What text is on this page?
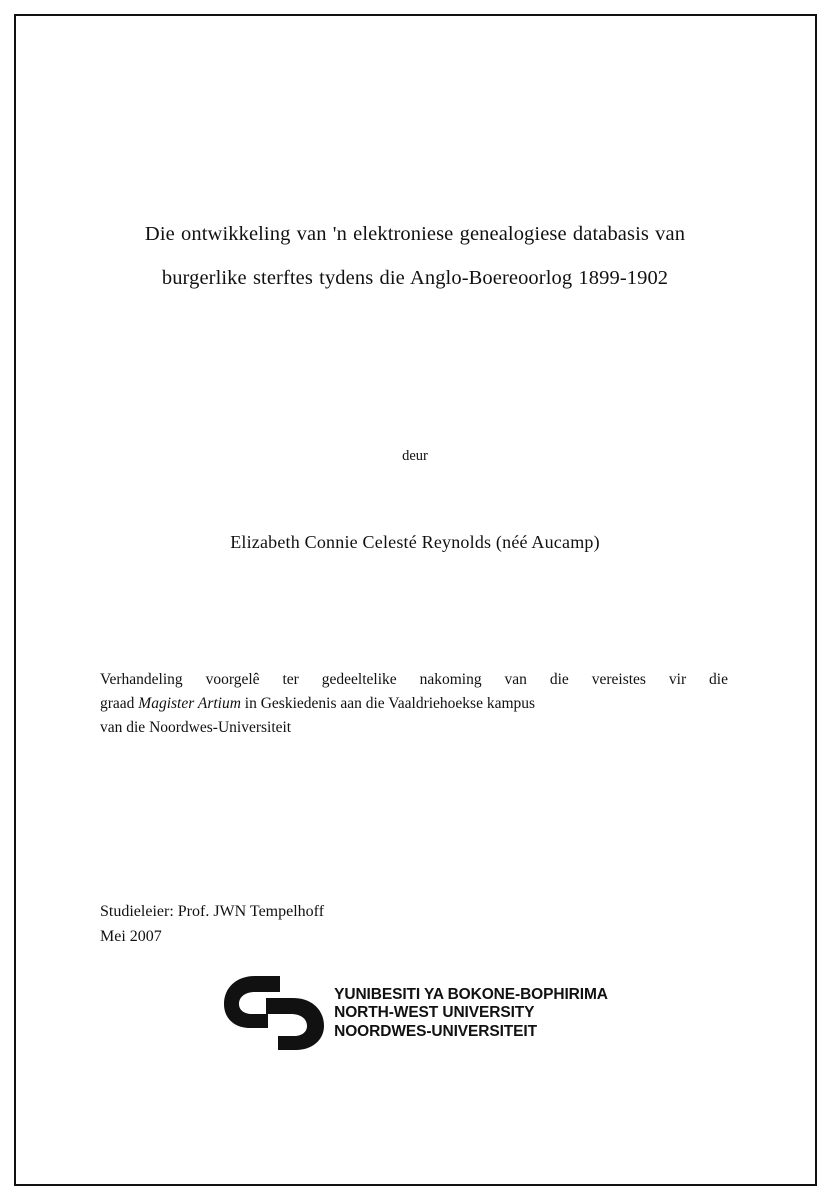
Die ontwikkeling van 'n elektroniese genealogiese databasis van
burgerlike sterftes tydens die Anglo-Boereoorlog 1899-1902
deur
Elizabeth Connie Celesté Reynolds (néé Aucamp)
Verhandeling voorgelê ter gedeeltelike nakoming van die vereistes vir die
graad Magister Artium in Geskiedenis aan die Vaaldriehoekse kampus
van die Noordwes-Universiteit
Studieleier: Prof. JWN Tempelhoff
Mei 2007
YUNIBESITI YA BOKONE-BOPHIRIMA
NORTH-WEST UNIVERSITY
NOORDWES-UNIVERSITEIT
